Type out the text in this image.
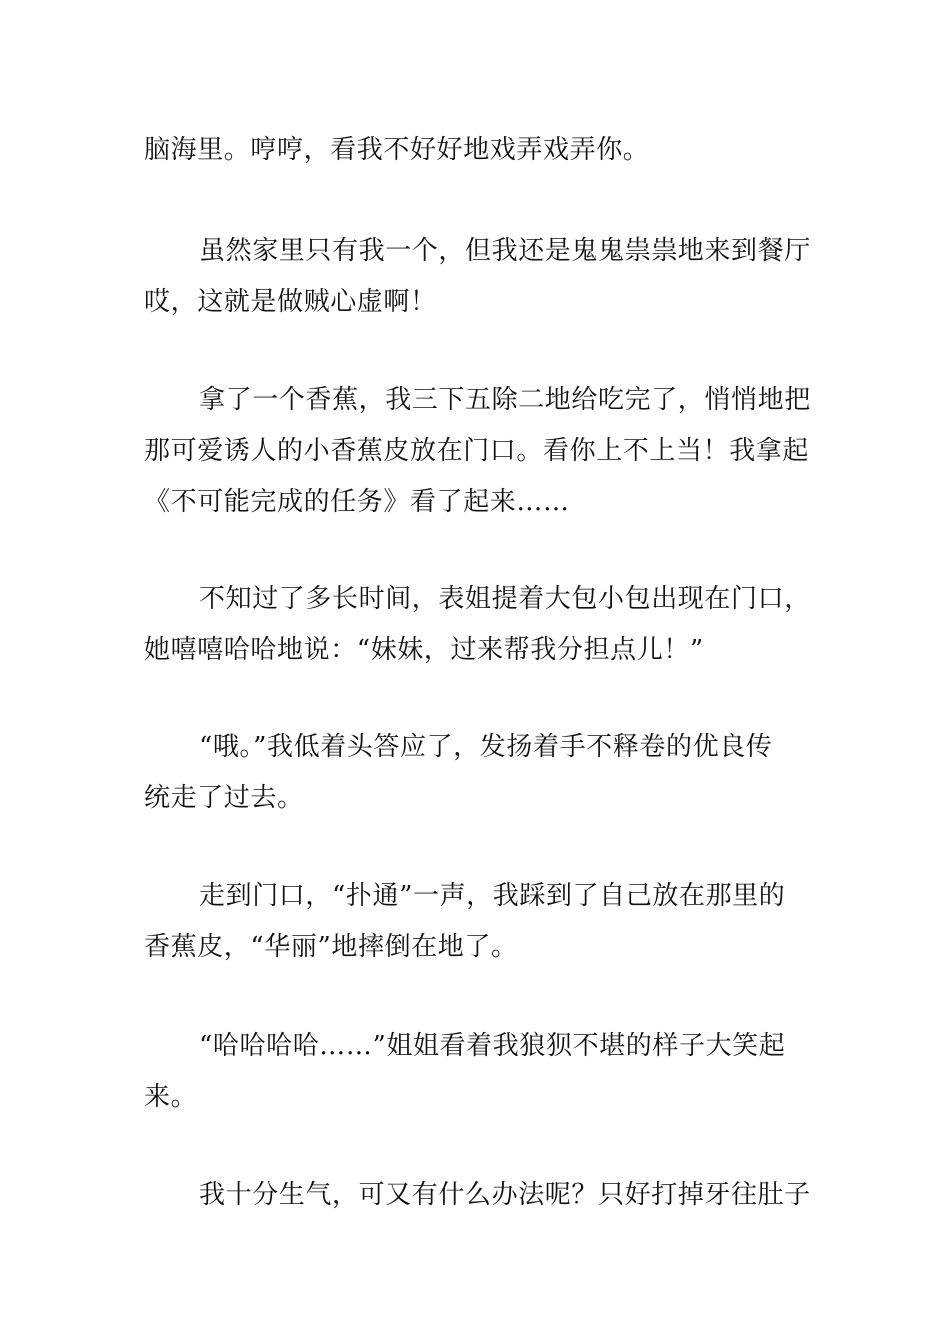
脑海里。哼哼，看我不好好地戏弄戏弄你。

虽然家里只有我一个，但我还是鬼鬼祟祟地来到餐厅
哎，这就是做贼心虚啊！

拿了一个香蕉，我三下五除二地给吃完了，悄悄地把
那可爱诱人的小香蕉皮放在门口。看你上不上当！我拿起
《不可能完成的任务》看了起来……

不知过了多长时间，表姐提着大包小包出现在门口，
她嘻嘻哈哈地说：“妹妹，过来帮我分担点儿！”

“哦。”我低着头答应了，发扬着手不释卷的优良传
统走了过去。

走到门口，“扑通”一声，我踩到了自己放在那里的
香蕉皮，“华丽”地摔倒在地了。

“哈哈哈哈……”姐姐看着我狼狈不堪的样子大笑起
来。

我十分生气，可又有什么办法呢？只好打掉牙往肚子
